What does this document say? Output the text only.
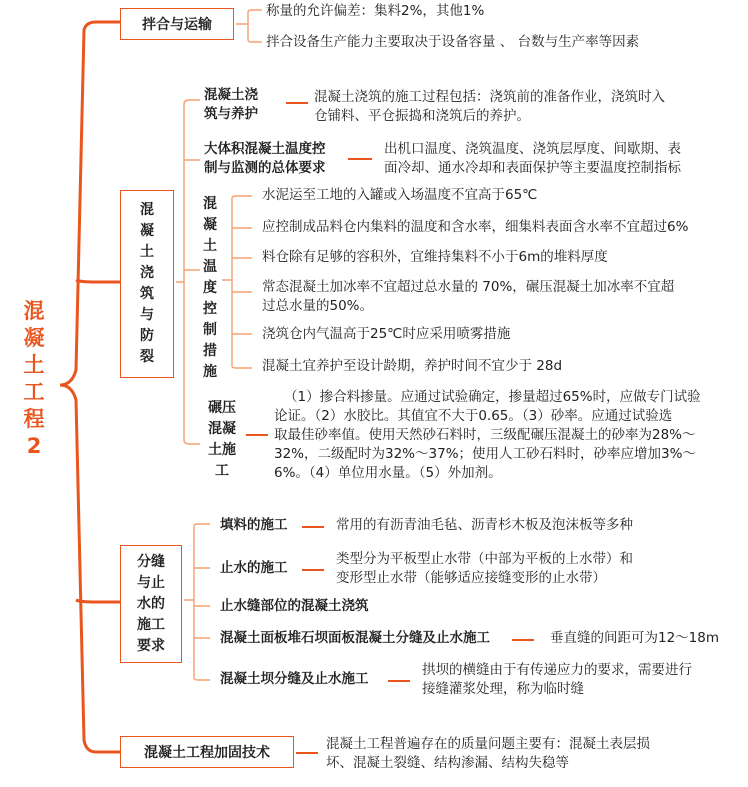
混
凝
土
工
程
2
拌合与运输
称量的允许偏差：集料2%，其他1%
拌合设备生产能力主要取决于设备容量 、 台数与生产率等因素
混
凝
土
浇
筑
与
防
裂
混凝土浇
筑与养护
混凝土浇筑的施工过程包括：浇筑前的准备作业，浇筑时入
仓铺料、平仓振捣和浇筑后的养护。
大体积混凝土温度控
制与监测的总体要求
出机口温度、浇筑温度、浇筑层厚度、间歇期、表
面冷却、通水冷却和表面保护等主要温度控制指标
混
凝
土
温
度
控
制
措
施
水泥运至工地的入罐或入场温度不宜高于65℃
应控制成品料仓内集料的温度和含水率，细集料表面含水率不宜超过6%
料仓除有足够的容积外，宜维持集料不小于6m的堆料厚度
常态混凝土加冰率不宜超过总水量的 70%，碾压混凝土加冰率不宜超
过总水量的50%。
浇筑仓内气温高于25℃时应采用喷雾措施
混凝土宜养护至设计龄期，养护时间不宜少于 28d
碾压
混凝
土施
工
（1）掺合料掺量。应通过试验确定，掺量超过65%时，应做专门试验
论证。（2）水胶比。其值宜不大于0.65。（3）砂率。应通过试验选
取最佳砂率值。使用天然砂石料时，三级配碾压混凝土的砂率为28%～
32%，二级配时为32%～37%；使用人工砂石料时，砂率应增加3%～
6%。（4）单位用水量。（5）外加剂。
分缝
与止
水的
施工
要求
填料的施工	常用的有沥青油毛毡、沥青杉木板及泡沫板等多种
止水的施工
类型分为平板型止水带（中部为平板的上水带）和
变形型止水带（能够适应接缝变形的止水带）
止水缝部位的混凝土浇筑
混凝土面板堆石坝面板混凝土分缝及止水施工	垂直缝的间距可为12～18m
混凝土坝分缝及止水施工
拱坝的横缝由于有传递应力的要求，需要进行
接缝灌浆处理，称为临时缝
混凝土工程加固技术
混凝土工程普遍存在的质量问题主要有：混凝土表层损
坏、混凝土裂缝、结构渗漏、结构失稳等
